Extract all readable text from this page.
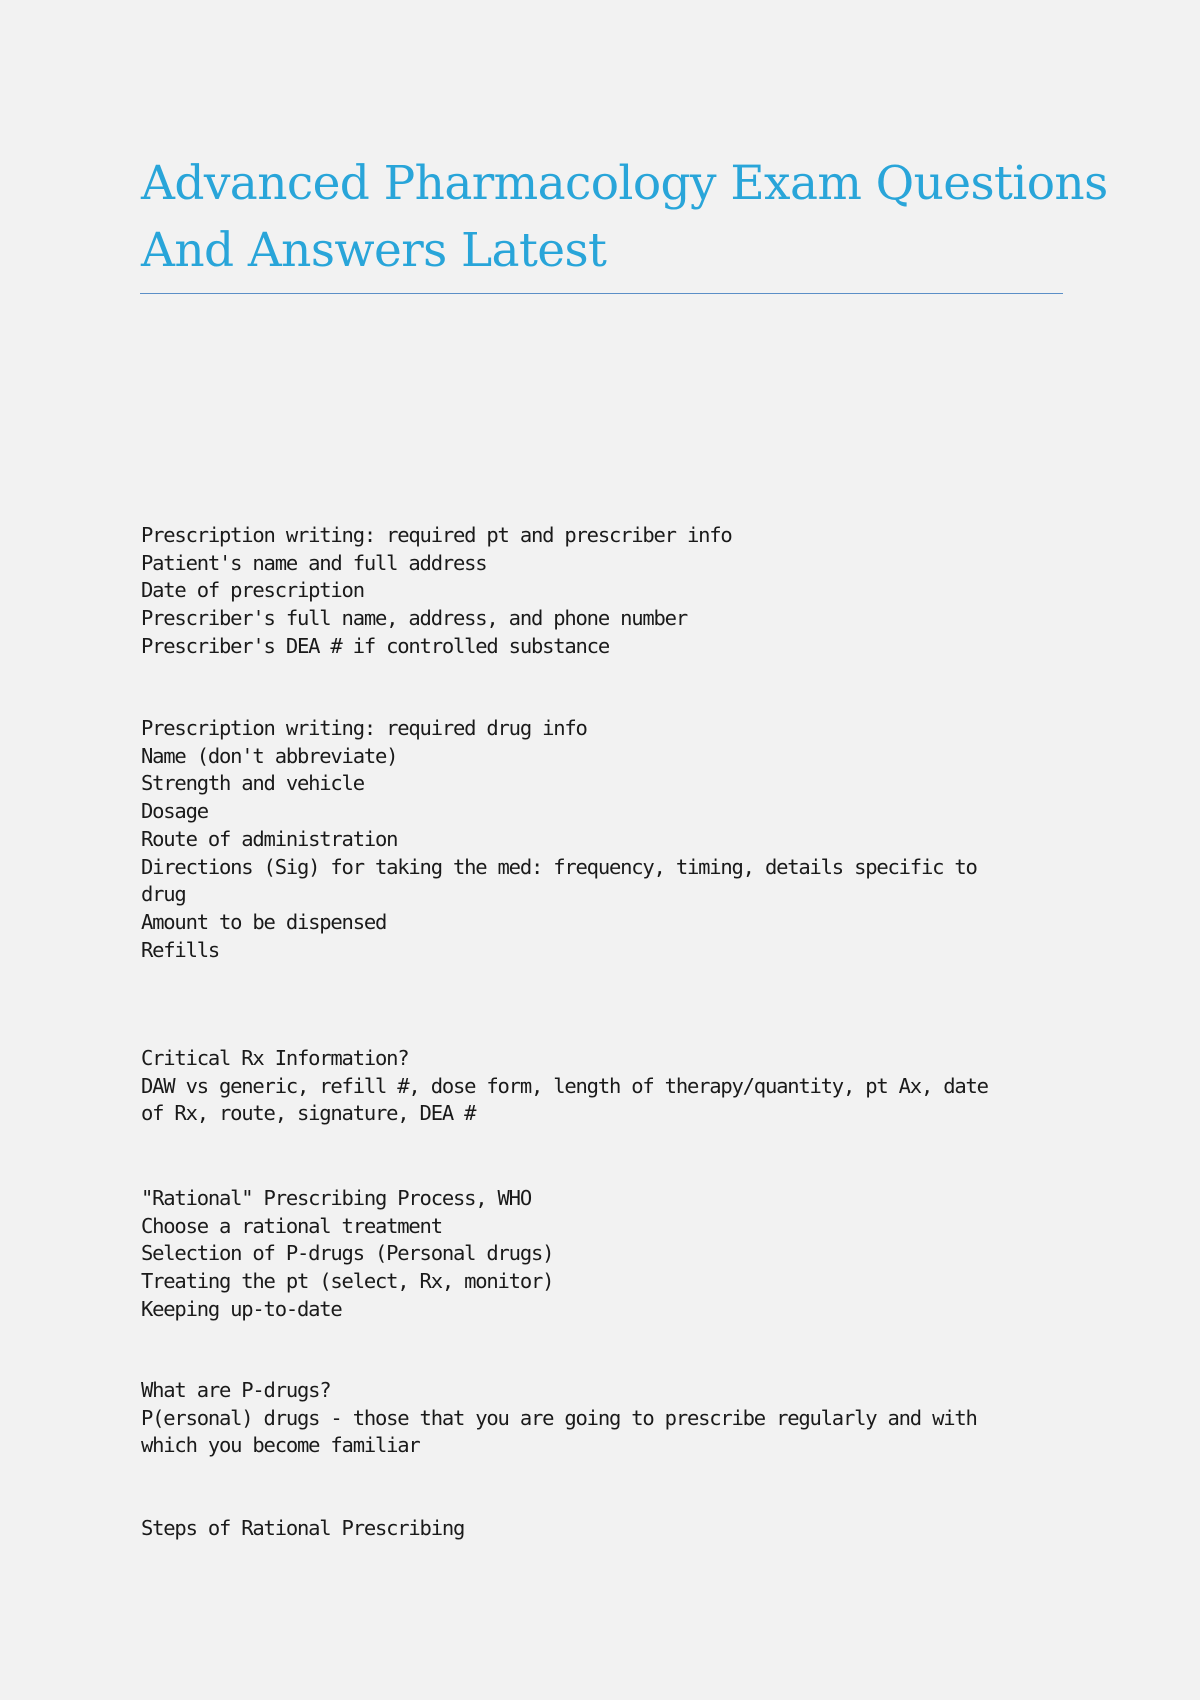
Advanced Pharmacology Exam Questions
And Answers Latest
Prescription writing: required pt and prescriber info
Patient's name and full address
Date of prescription
Prescriber's full name, address, and phone number
Prescriber's DEA # if controlled substance
Prescription writing: required drug info
Name (don't abbreviate)
Strength and vehicle
Dosage
Route of administration
Directions (Sig) for taking the med: frequency, timing, details specific to
drug
Amount to be dispensed
Refills
Critical Rx Information?
DAW vs generic, refill #, dose form, length of therapy/quantity, pt Ax, date
of Rx, route, signature, DEA #
"Rational" Prescribing Process, WHO
Choose a rational treatment
Selection of P-drugs (Personal drugs)
Treating the pt (select, Rx, monitor)
Keeping up-to-date
What are P-drugs?
P(ersonal) drugs - those that you are going to prescribe regularly and with
which you become familiar
Steps of Rational Prescribing
